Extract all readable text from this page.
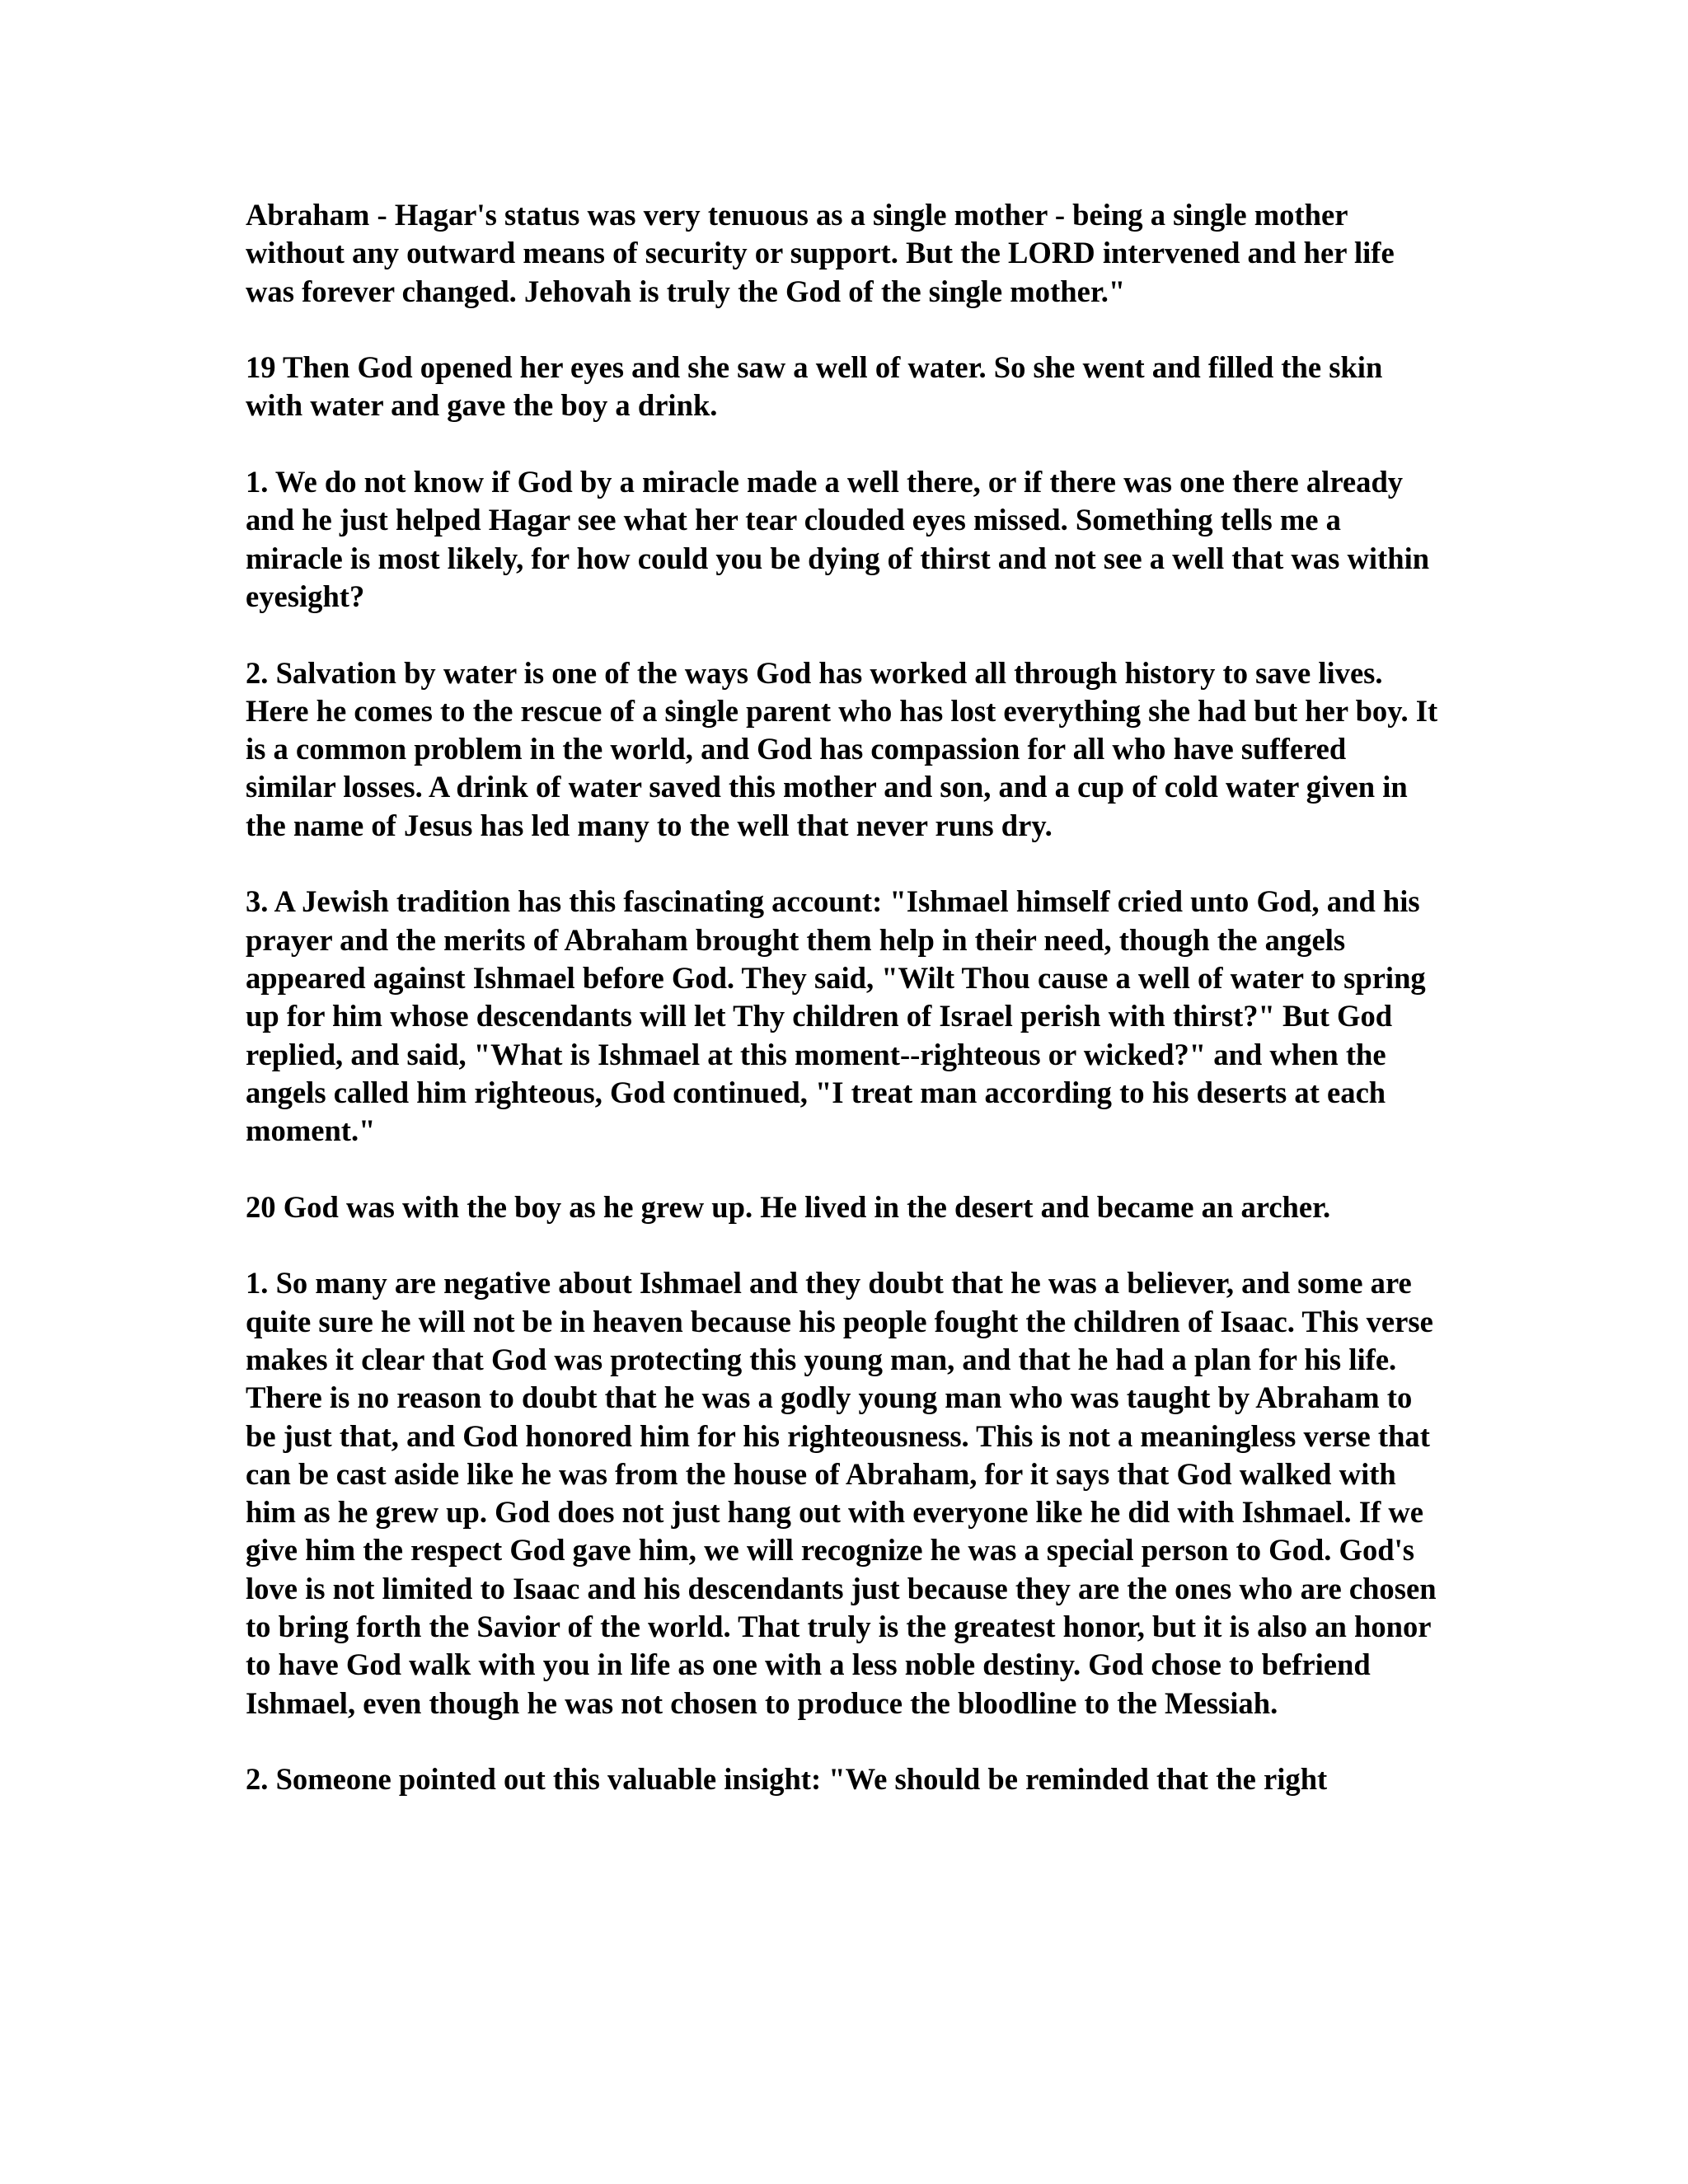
Abraham - Hagar's status was very tenuous as a single mother - being a single mother without any outward means of security or support. But the LORD intervened and her life was forever changed. Jehovah is truly the God of the single mother."

19 Then God opened her eyes and she saw a well of water. So she went and filled the skin with water and gave the boy a drink.

1. We do not know if God by a miracle made a well there, or if there was one there already and he just helped Hagar see what her tear clouded eyes missed. Something tells me a miracle is most likely, for how could you be dying of thirst and not see a well that was within eyesight?

2. Salvation by water is one of the ways God has worked all through history to save lives. Here he comes to the rescue of a single parent who has lost everything she had but her boy. It is a common problem in the world, and God has compassion for all who have suffered similar losses. A drink of water saved this mother and son, and a cup of cold water given in the name of Jesus has led many to the well that never runs dry.

3. A Jewish tradition has this fascinating account: "Ishmael himself cried unto God, and his prayer and the merits of Abraham brought them help in their need, though the angels appeared against Ishmael before God. They said, "Wilt Thou cause a well of water to spring up for him whose descendants will let Thy children of Israel perish with thirst?" But God replied, and said, "What is Ishmael at this moment--righteous or wicked?" and when the angels called him righteous, God continued, "I treat man according to his deserts at each moment."

20 God was with the boy as he grew up. He lived in the desert and became an archer.

1. So many are negative about Ishmael and they doubt that he was a believer, and some are quite sure he will not be in heaven because his people fought the children of Isaac. This verse makes it clear that God was protecting this young man, and that he had a plan for his life. There is no reason to doubt that he was a godly young man who was taught by Abraham to be just that, and God honored him for his righteousness. This is not a meaningless verse that can be cast aside like he was from the house of Abraham, for it says that God walked with him as he grew up. God does not just hang out with everyone like he did with Ishmael. If we give him the respect God gave him, we will recognize he was a special person to God. God's love is not limited to Isaac and his descendants just because they are the ones who are chosen to bring forth the Savior of the world. That truly is the greatest honor, but it is also an honor to have God walk with you in life as one with a less noble destiny. God chose to befriend Ishmael, even though he was not chosen to produce the bloodline to the Messiah.

2. Someone pointed out this valuable insight: "We should be reminded that the right
